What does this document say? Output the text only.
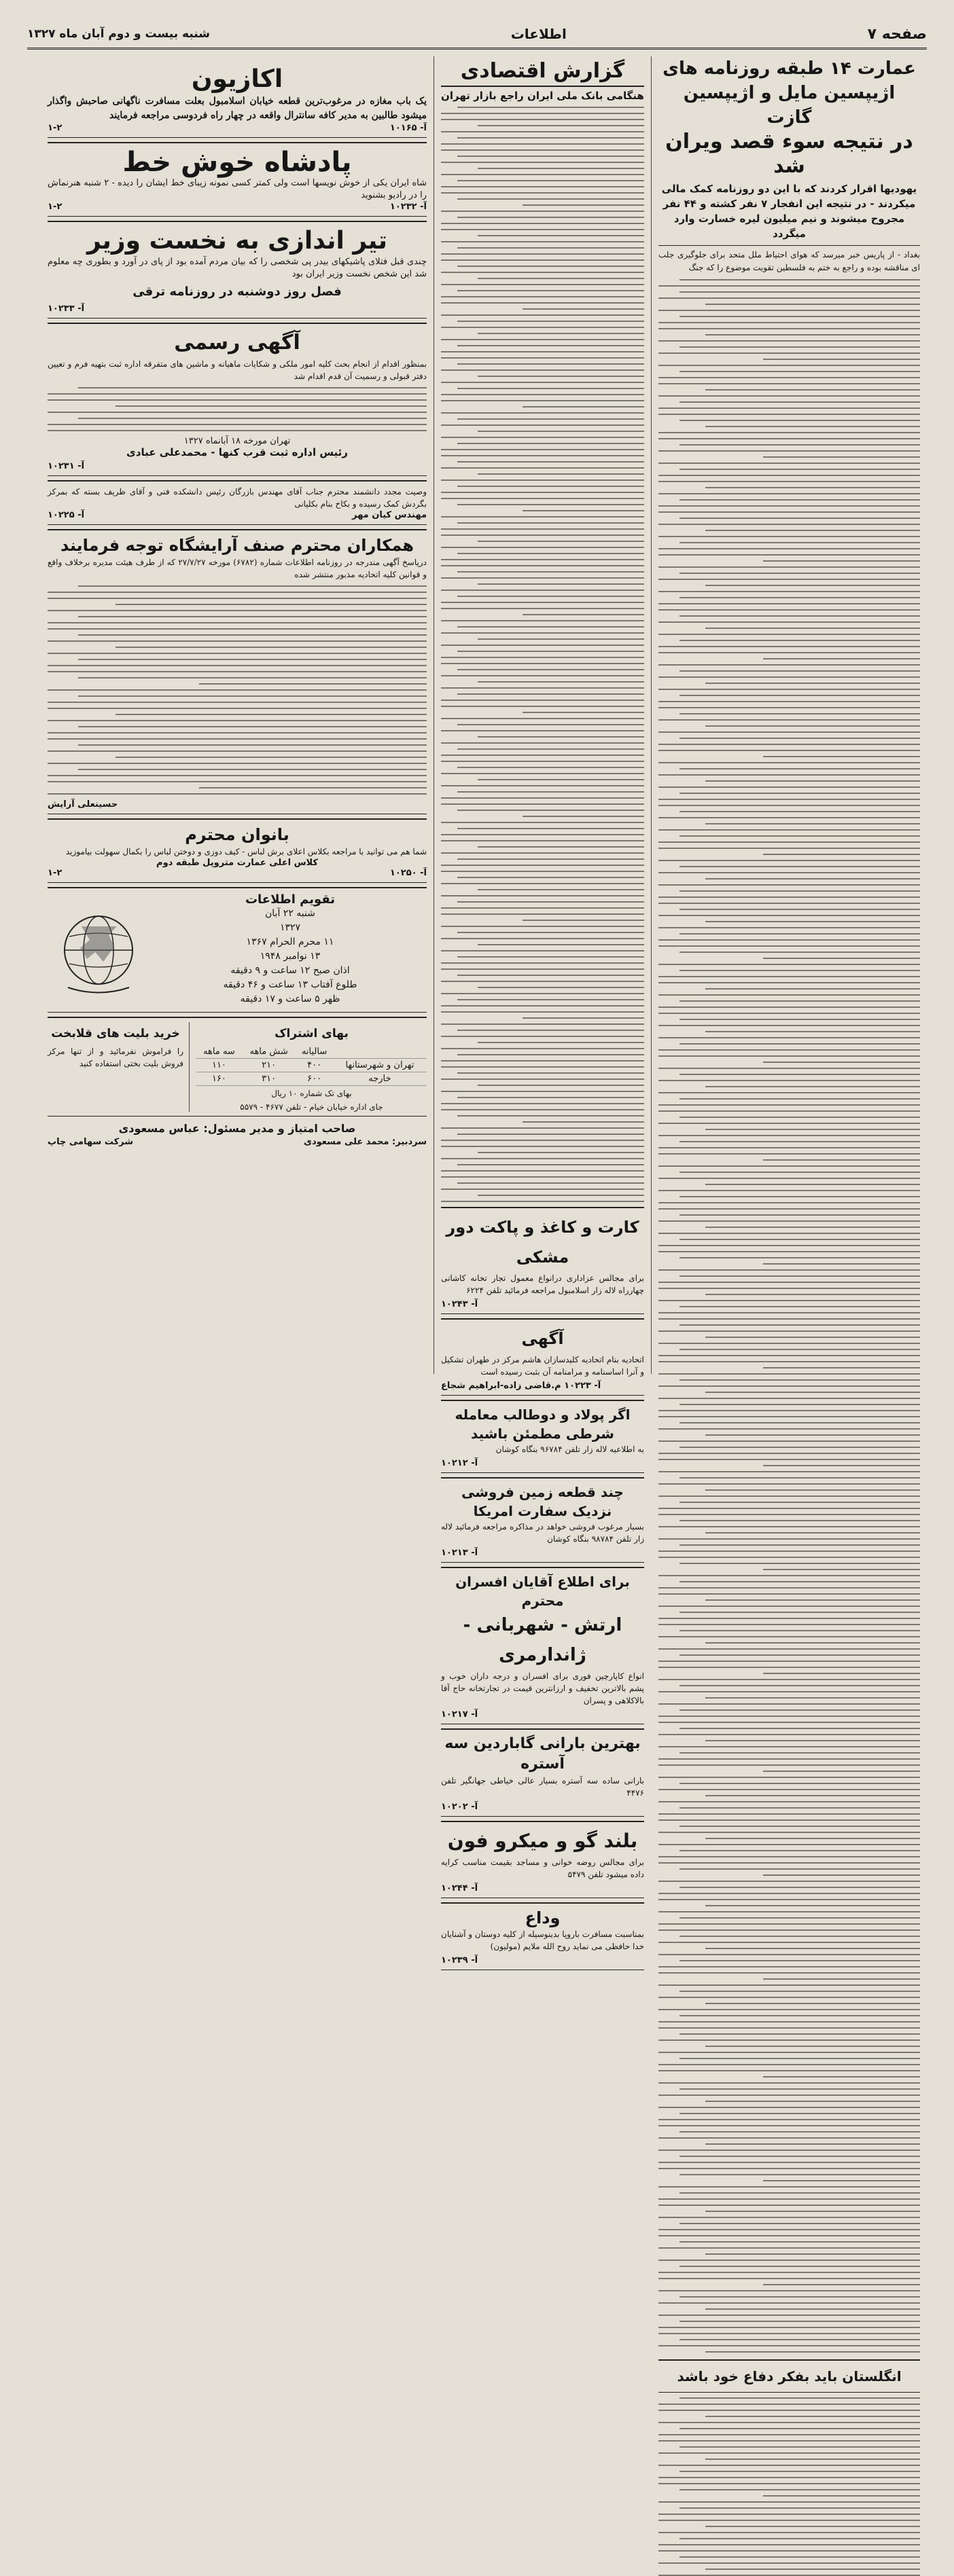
صفحه ۷
اطلاعات
شنبه بیست و دوم آبان ماه ۱۳۲۷
عمارت ۱۴ طبقه روزنامه های اژیپسین مایل و اژیپسین گازت
در نتیجه سوء قصد ویران شد
یهودیها اقرار کردند که با این دو روزنامه کمک مالی میکردند - در نتیجه این انفجار ۷ نفر کشته و ۴۴ نفر مجروح میشوند و نیم میلیون لیره خسارت وارد میگردد

بغداد - از پاریس خبر میرسد که هوای احتیاط ملل متحد برای جلوگیری جلب ای مناقشه بوده و راجع به ختم به فلسطین تقویت موضوع را که جنگ

انگلستان باید بفکر دفاع خود باشد
گزارش اقتصادی
هنگامی بانک ملی ایران راجع بازار تهران
کارت و کاغذ و پاکت دور مشکی
برای مجالس عزاداری درانواع معمول تجار تخانه کاشانی چهارراه لاله زار اسلامبول مراجعه فرمائید تلفن ۶۲۲۴
آ- ۱۰۲۴۳
آگهی
اتحادیه بنام اتحادیه کلیدسازان هاشم مرکز در طهران تشکیل و آنرا اساسنامه و مرامنامه آن بثبت رسیده است
آ- ۱۰۲۲۳ م.قاضی زاده-ابراهیم شجاع
اگر پولاد و دوطالب معامله شرطی مطمئن باشید
به اطلاعیه لاله زار تلفن ۹۶۷۸۴ بنگاه کوشان
آ- ۱۰۲۱۲
چند قطعه زمین فروشی نزدیک سفارت امریکا
بسیار مرغوب فروشی خواهد در مذاکره مراجعه فرمائید لاله زار تلفن ۹۸۷۸۴ بنگاه کوشان
آ- ۱۰۲۱۳
برای اطلاع آقایان افسران محترم
ارتش - شهربانی - ژاندارمری
انواع کاپارچین فوری برای افسران و درجه داران خوب و پشم بالاترین تخفیف و ارزانترین قیمت در تجارتخانه حاج آقا بالاکلاهی و پسران
آ- ۱۰۲۱۷
بهترین بارانی گاباردین سه آستره
بارانی ساده سه آستره بسیار عالی خیاطی جهانگیر تلفن ۴۴۷۶
آ- ۱۰۲۰۲
بلند گو و میکرو فون
برای مجالس روضه خوانی و مساجد بقیمت مناسب کرایه داده میشود تلفن ۵۴۷۹
آ- ۱۰۲۴۴
وداع
بمناسبت مسافرت باروپا بدینوسیله از کلیه دوستان و آشنایان خدا حافظی می نماید روح الله ملایم (مولیون)
آ- ۱۰۲۳۹
اکازیون
یک باب مغازه در مرغوب‌ترین قطعه خیابان اسلامبول بعلت مسافرت ناگهانی صاحبش واگذار میشود طالبین به مدیر کافه سانترال واقعه در چهار راه فردوسی مراجعه فرمایند
آ- ۱۰۱۶۵
۱-۲
پادشاه خوش خط
شاه ایران یکی از خوش نویسها است ولی کمتر کسی نمونه زیبای خط ایشان را دیده - ۲ شنبه هنرنماش را در رادیو بشنوید
آ- ۱۰۲۳۲
۱-۲
تیر اندازی به نخست وزیر
چندی قبل فتلای پاشیکهای بیدر پی شخصی را که بیان مردم آمده بود از پای در آورد و بطوری چه معلوم شد این شخص نخست وزیر ایران بود
فصل روز دوشنبه در روزنامه ترقی
آ- ۱۰۲۳۳
آگهی رسمی
بمنظور اقدام از انجام بحث کلیه امور ملکی و شکایات ماهیانه و ماشین های متفرقه اداره ثبت بتهیه فرم و تعیین دفتر قبولی و رسمیت آن قدم اقدام شد
تهران مورخه ۱۸ آبانماه ۱۳۲۷
رئیس اداره ثبت قرب کنها - محمدعلی عبادی
آ- ۱۰۲۳۱
وصیت مجدد دانشمند محترم جناب آقای مهندس بازرگان رئیس دانشکده فنی و آقای ظریف بسته که بمرکز بگردش کمک رسیده و بکاخ بنام بکلیانی
مهندس کیان مهر
آ- ۱۰۲۲۵
همکاران محترم صنف آرایشگاه توجه فرمایند
درپاسخ آگهی مندرجه در روزنامه اطلاعات شماره (۶۷۸۲) مورخه ۲۷/۷/۲۷ که از طرف هیئت مدیره برخلاف واقع و قوانین کلیه اتحادیه مذبور منتشر شده
حسینعلی آرایش
بانوان محترم
شما هم می توانید با مراجعه بکلاس اعلای برش لباس - کیف دوزی و دوختن لباس را بکمال سهولت بیاموزید
کلاس اعلی عمارت متروپل طبقه دوم
آ- ۱۰۲۵۰
۱-۲
تقویم اطلاعات
شنبه ۲۲ آبان
۱۳۲۷
۱۱ محرم الحرام ۱۳۶۷
۱۳ نوامبر ۱۹۴۸
اذان صبح ۱۲ ساعت و ۹ دقیقه
طلوع آفتاب ۱۳ ساعت و ۴۶ دقیقه
ظهر ۵ ساعت و ۱۷ دقیقه
بهای اشتراک
	سالیانه	شش ماهه	سه ماهه
تهران و شهرستانها	۴۰۰	۲۱۰	۱۱۰
خارجه	۶۰۰	۳۱۰	۱۶۰
بهای تک شماره ۱۰ ریال
جای اداره خیابان خیام - تلفن ۴۶۷۷ - ۵۵۷۹
خرید بلیت های قلابخت
را فراموش نفرمائید و از تنها مرکز فروش بلیت بختی استفاده کنید
صاحب امتیاز و مدیر مسئول: عباس مسعودی
سردبیر: محمد علی مسعودی
شرکت سهامی چاپ
